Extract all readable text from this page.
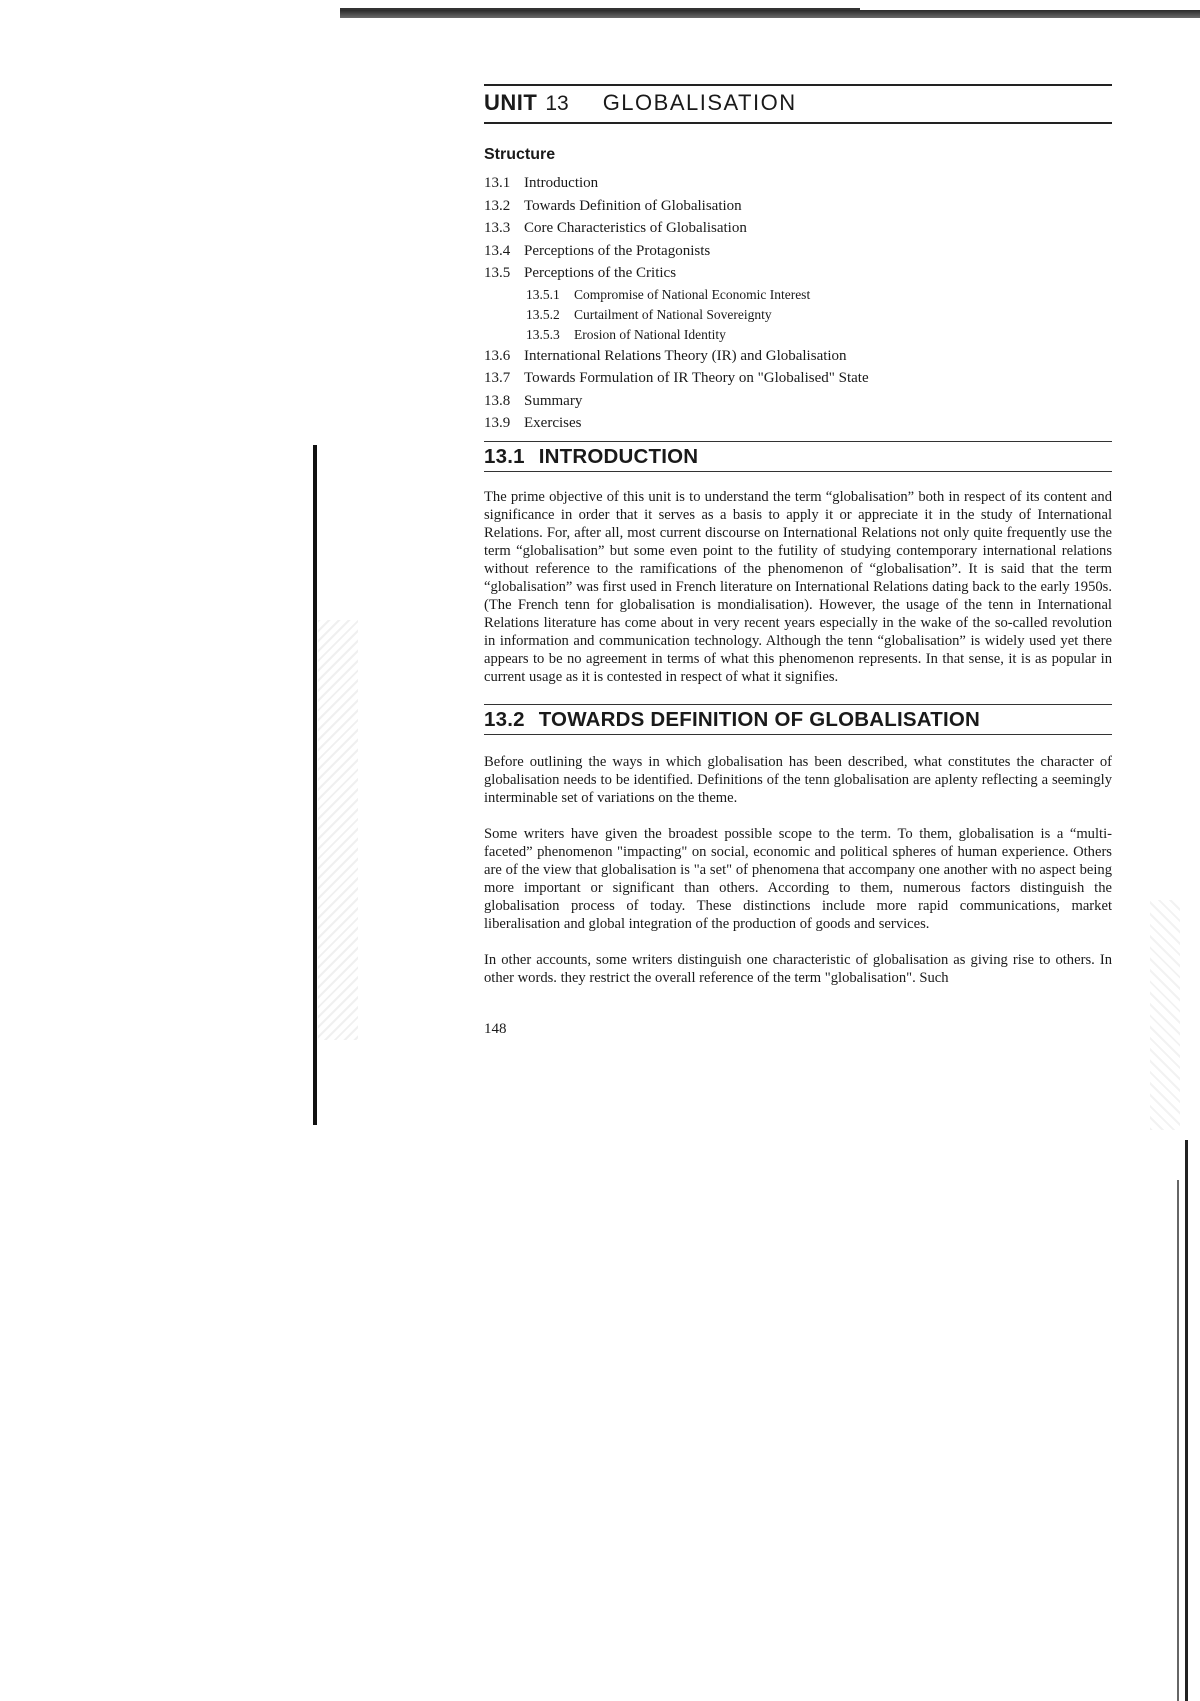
UNIT 13 GLOBALISATION
Structure
13.1 Introduction
13.2 Towards Definition of Globalisation
13.3 Core Characteristics of Globalisation
13.4 Perceptions of the Protagonists
13.5 Perceptions of the Critics
13.5.1	Compromise of National Economic Interest
13.5.2	Curtailment of National Sovereignty
13.5.3	Erosion of National Identity
13.6 International Relations Theory (IR) and Globalisation
13.7 Towards Formulation of IR Theory on "Globalised" State
13.8 Summary
13.9 Exercises
13.1 INTRODUCTION

The prime objective of this unit is to understand the term “globalisation” both in respect of its content and significance in order that it serves as a basis to apply it or appreciate it in the study of International Relations. For, after all, most current discourse on International Relations not only quite frequently use the term “globalisation” but some even point to the futility of studying contemporary international relations without reference to the ramifications of the phenomenon of “globalisation”. It is said that the term “globalisation” was first used in French literature on International Relations dating back to the early 1950s. (The French tenn for globalisation is mondialisation). However, the usage of the tenn in International Relations literature has come about in very recent years especially in the wake of the so-called revolution in information and communication technology. Although the tenn “globalisation” is widely used yet there appears to be no agreement in terms of what this phenomenon represents. In that sense, it is as popular in current usage as it is contested in respect of what it signifies.

13.2 TOWARDS DEFINITION OF GLOBALISATION

Before outlining the ways in which globalisation has been described, what constitutes the character of globalisation needs to be identified. Definitions of the tenn globalisation are aplenty reflecting a seemingly interminable set of variations on the theme.

Some writers have given the broadest possible scope to the term. To them, globalisation is a “multi-faceted” phenomenon "impacting" on social, economic and political spheres of human experience. Others are of the view that globalisation is "a set" of phenomena that accompany one another with no aspect being more important or significant than others. According to them, numerous factors distinguish the globalisation process of today. These distinctions include more rapid communications, market liberalisation and global integration of the production of goods and services.

In other accounts, some writers distinguish one characteristic of globalisation as giving rise to others. In other words. they restrict the overall reference of the term "globalisation". Such

148
